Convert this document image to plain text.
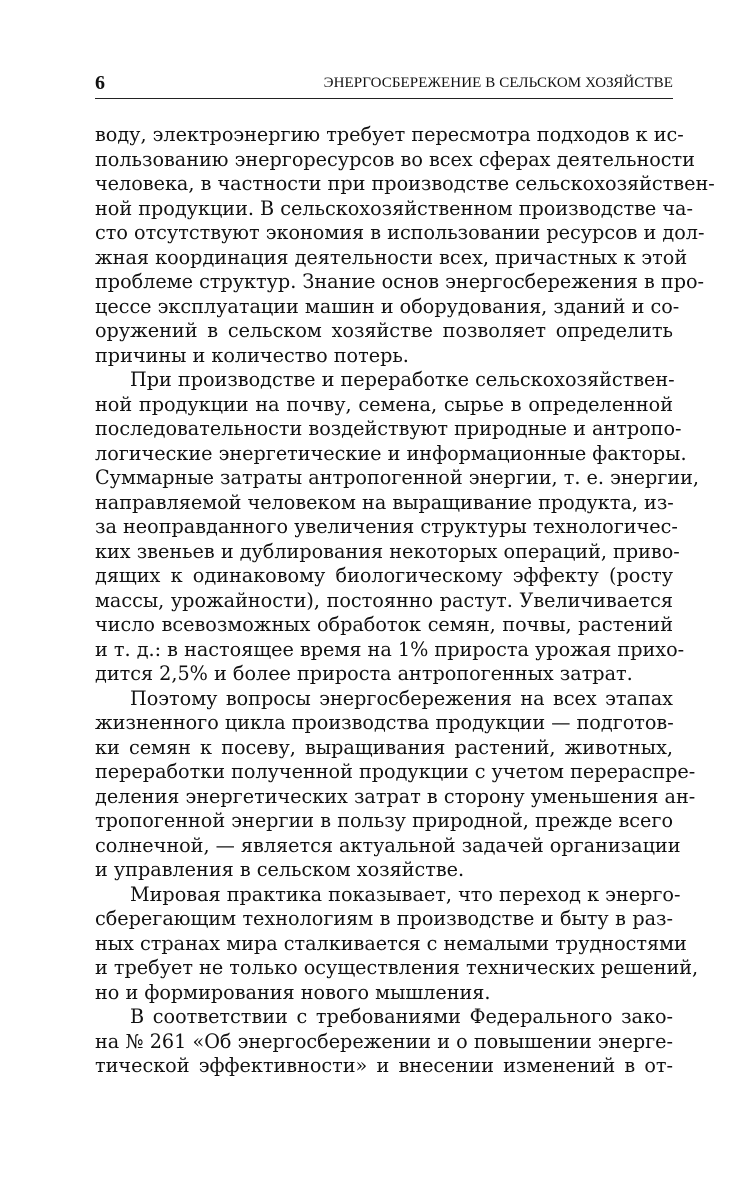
6	ЭНЕРГОСБЕРЕЖЕНИЕ В СЕЛЬСКОМ ХОЗЯЙСТВЕ
воду, электроэнергию требует пересмотра подходов к ис-
пользованию энергоресурсов во всех сферах деятельности
человека, в частности при производстве сельскохозяйствен-
ной продукции. В сельскохозяйственном производстве ча-
сто отсутствуют экономия в использовании ресурсов и дол-
жная координация деятельности всех, причастных к этой
проблеме структур. Знание основ энергосбережения в про-
цессе эксплуатации машин и оборудования, зданий и со-
оружений в сельском хозяйстве позволяет определить
причины и количество потерь.
При производстве и переработке сельскохозяйствен-
ной продукции на почву, семена, сырье в определенной
последовательности воздействуют природные и антропо-
логические энергетические и информационные факторы.
Суммарные затраты антропогенной энергии, т. е. энергии,
направляемой человеком на выращивание продукта, из-
за неоправданного увеличения структуры технологичес-
ких звеньев и дублирования некоторых операций, приво-
дящих к одинаковому биологическому эффекту (росту
массы, урожайности), постоянно растут. Увеличивается
число всевозможных обработок семян, почвы, растений
и т. д.: в настоящее время на 1% прироста урожая прихо-
дится 2,5% и более прироста антропогенных затрат.
Поэтому вопросы энергосбережения на всех этапах
жизненного цикла производства продукции — подготов-
ки семян к посеву, выращивания растений, животных,
переработки полученной продукции с учетом перераспре-
деления энергетических затрат в сторону уменьшения ан-
тропогенной энергии в пользу природной, прежде всего
солнечной, — является актуальной задачей организации
и управления в сельском хозяйстве.
Мировая практика показывает, что переход к энерго-
сберегающим технологиям в производстве и быту в раз-
ных странах мира сталкивается с немалыми трудностями
и требует не только осуществления технических решений,
но и формирования нового мышления.
В соответствии с требованиями Федерального зако-
на № 261 «Об энергосбережении и о повышении энерге-
тической эффективности» и внесении изменений в от-
